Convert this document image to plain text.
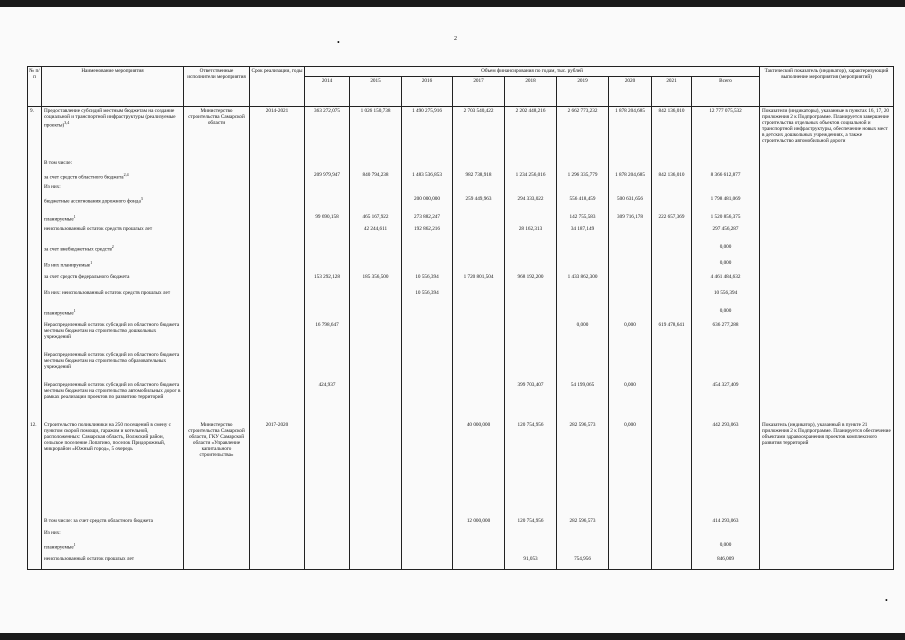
•	2
•
№ п/п	Наименование мероприятия	Ответственные исполнители мероприятия	Срок реализации, годы	Объем финансирования по годам, тыс. рублей									Тактический показатель (индикатор), характеризующий выполнение мероприятия (мероприятий)
				2014	2015	2016	2017	2018	2019	2020	2021	Всего	
9.	Предоставление субсидий местным бюджетам на создание социальной и транспортной инфраструктуры (реализуемые проекты)$^{3,4}$	Министерство строительства Самарской области	2014-2021	363 272,075	1 026 150,738	1 490 275,916	2 703 540,422	2 202 448,216	2 662 773,232	1 878 204,685	842 136,010	12 777 075,532	Показатели (индикаторы), указанные в пунктах 16, 17, 20 приложения 2 к Подпрограмме. Планируется завершение строительства отдельных объектов социальной и транспортной инфраструктуры, обеспечение новых мест в детских дошкольных учреждениях, а также строительство автомобильной дороги
	В том числе:												
	за счет средств областного бюджета$^{2,4}$			209 979,947	840 794,238	1 483 536,853	982 738,918	1 234 256,016	1 296 335,779	1 878 204,685	842 136,010	8 366 612,877	
	Из них:												
	бюджетные ассигнования дорожного фонда$^3$					200 000,000	259 449,963	294 333,022	556 418,459	500 631,656		1 798 481,069	
	планируемые$^1$			99 690,158	465 167,922	273 882,247			142 755,583	309 716,178	222 657,369	1 520 856,375	
	неиспользованный остаток средств прошлых лет				42 244,611	192 862,216		28 162,313	34 187,149			297 456,287	
	за счет внебюджетных средств$^2$											0,000	
	Из них планируемые$^1$											0,000	
	за счет средств федерального бюджета			153 292,128	185 356,500	10 556,394	1 720 801,504	968 192,200	1 433 862,300			4 461 484,632	
	Из них: неиспользованный остаток средств прошлых лет					10 556,394						10 556,394	
	планируемые$^1$											0,000	
	Нераспределенный остаток субсидий из областного бюджета местным бюджетам на строительство дошкольных учреждений			16 798,647					0,000	0,000	619 478,641	636 277,288	
	Нераспределенный остаток субсидий из областного бюджета местным бюджетам на строительство образовательных учреждений												
	Нераспределенный остаток субсидий из областного бюджета местным бюджетам на строительство автомобильных дорог в рамках реализации проектов по развитию территорий			424,937				399 703,407	54 199,065	0,000		454 327,409	
12.	Строительство поликлиники на 250 посещений в смену с пунктом скорой помощи, гаражом и котельной, расположенных: Самарская область, Волжский район, сельское поселение Лопатино, поселок Придорожный, микрорайон «Южный город», 5 очередь	Министерство строительства Самарской области, ГКУ Самарской области «Управление капитального строительства»	2017-2020				40 000,000	120 754,956	282 596,573	0,000		442 293,063	Показатель (индикатор), указанный в пункте 21 приложения 2 к Подпрограмме. Планируется обеспечение объектами здравоохранения проектов комплексного развития территорий
	В том числе: за счет средств областного бюджета						12 000,000	120 754,956	282 596,573			414 293,063	
	Из них:												
	планируемые$^1$											0,000	
	неиспользованный остаток прошлых лет							91,053	754,956			846,009	
